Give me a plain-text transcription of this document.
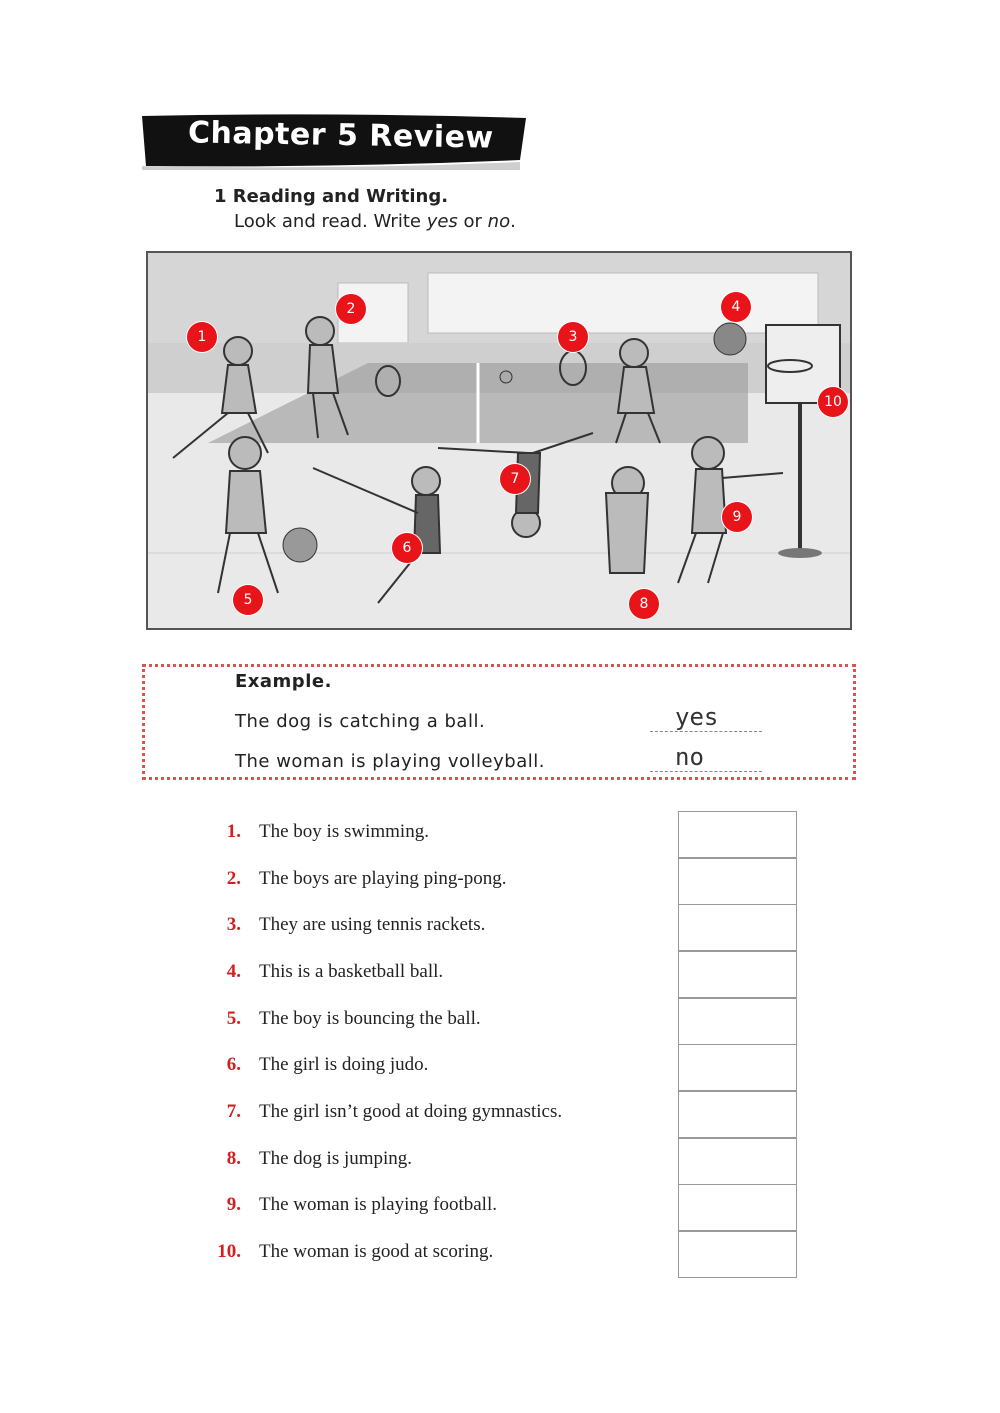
Chapter 5 Review
1 Reading and Writing.
Look and read. Write yes or no.
1
2
3
4
5
6
7
8
9
10
Example.
The dog is catching a ball.	yes
The woman is playing volleyball.	no
1. The boy is swimming.
2. The boys are playing ping-pong.
3. They are using tennis rackets.
4. This is a basketball ball.
5. The boy is bouncing the ball.
6. The girl is doing judo.
7. The girl isn’t good at doing gymnastics.
8. The dog is jumping.
9. The woman is playing football.
10. The woman is good at scoring.
